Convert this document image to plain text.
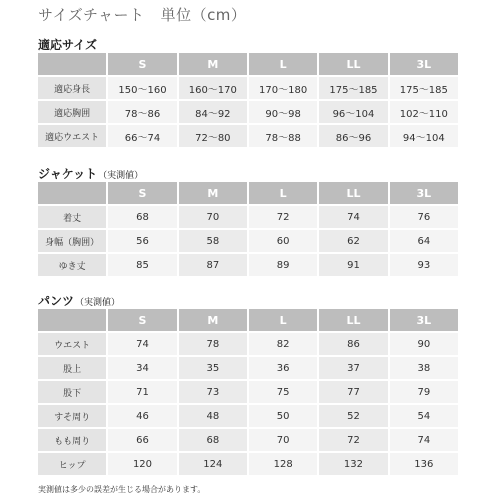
サイズチャート 単位（cm）
適応サイズ
	S	M	L	LL	3L
適応身長	150～160	160～170	170～180	175～185	175～185
適応胸囲	78～86	84～92	90～98	96～104	102～110
適応ウエスト	66～74	72～80	78～88	86～96	94～104
ジャケット（実測値）
	S	M	L	LL	3L
着丈	68	70	72	74	76
身幅（胸囲）	56	58	60	62	64
ゆき丈	85	87	89	91	93
パンツ（実測値）
	S	M	L	LL	3L
ウエスト	74	78	82	86	90
股上	34	35	36	37	38
股下	71	73	75	77	79
すそ周り	46	48	50	52	54
もも周り	66	68	70	72	74
ヒップ	120	124	128	132	136
実測値は多少の誤差が生じる場合があります。
